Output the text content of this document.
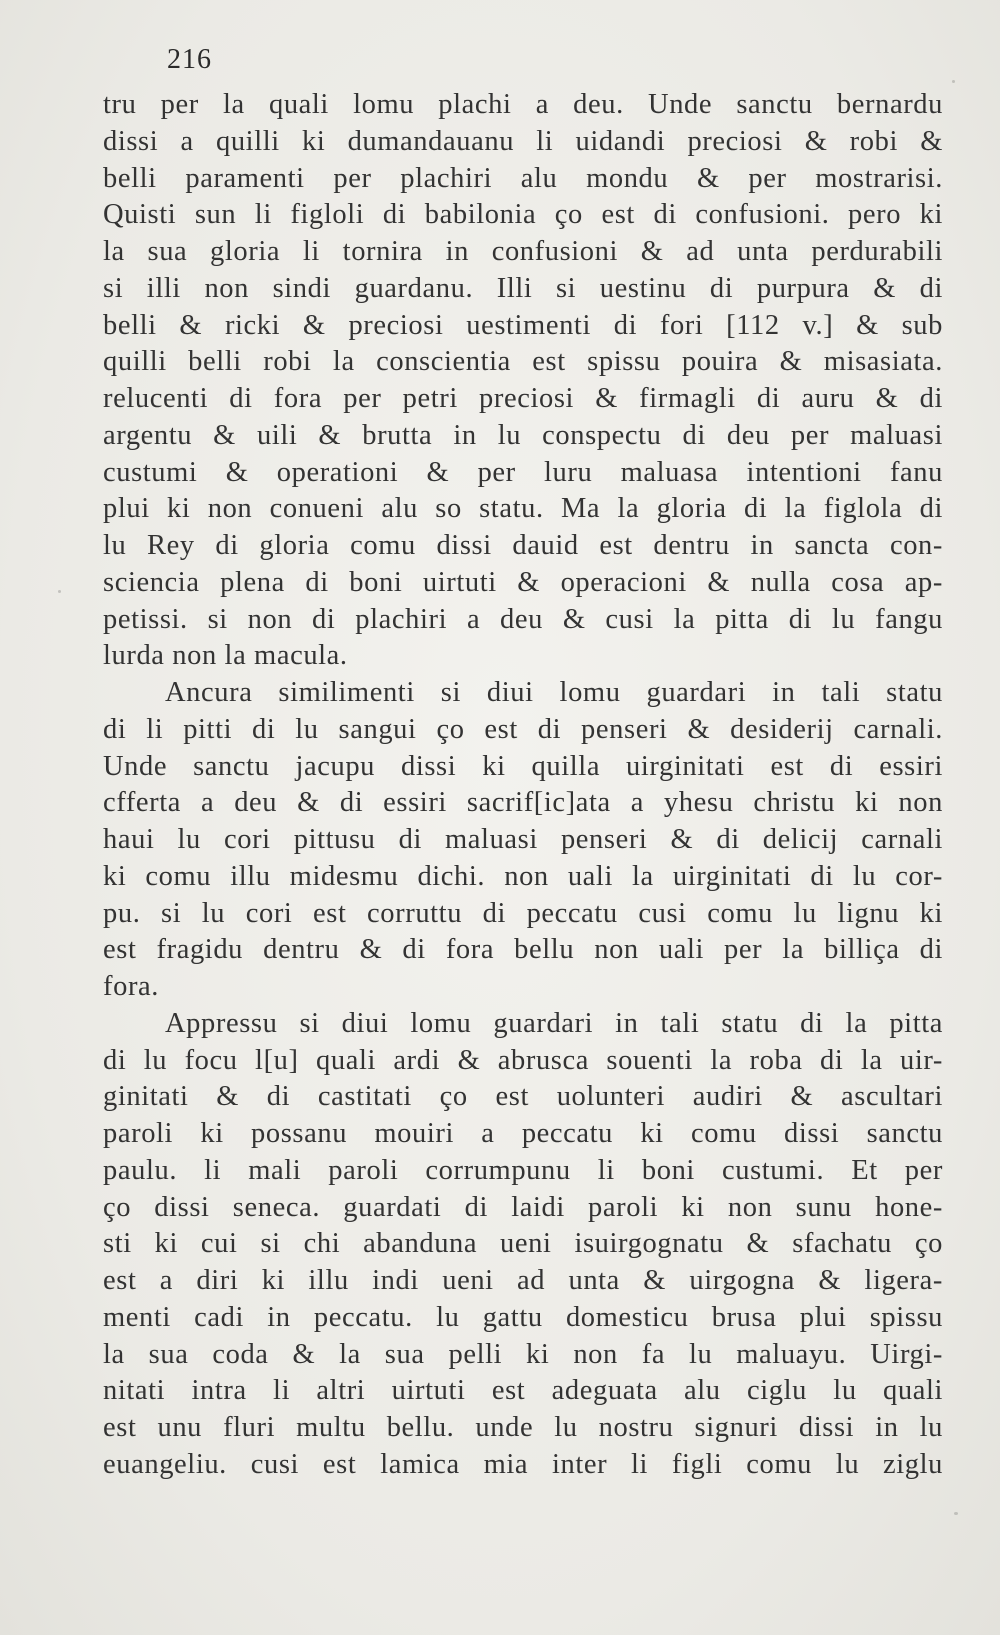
216
tru per la quali lomu plachi a deu. Unde sanctu bernardu
dissi a quilli ki dumandauanu li uidandi preciosi & robi &
belli paramenti per plachiri alu mondu & per mostrarisi.
Quisti sun li figloli di babilonia ço est di confusioni. pero ki
la sua gloria li tornira in confusioni & ad unta perdurabili
si illi non sindi guardanu. Illi si uestinu di purpura & di
belli & ricki & preciosi uestimenti di fori [112 v.] & sub
quilli belli robi la conscientia est spissu pouira & misasiata.
relucenti di fora per petri preciosi & firmagli di auru & di
argentu & uili & brutta in lu conspectu di deu per maluasi
custumi & operationi & per luru maluasa intentioni fanu
plui ki non conueni alu so statu. Ma la gloria di la figlola di
lu Rey di gloria comu dissi dauid est dentru in sancta con-
sciencia plena di boni uirtuti & operacioni & nulla cosa ap-
petissi. si non di plachiri a deu & cusi la pitta di lu fangu
lurda non la macula.
Ancura similimenti si diui lomu guardari in tali statu
di li pitti di lu sangui ço est di penseri & desiderij carnali.
Unde sanctu jacupu dissi ki quilla uirginitati est di essiri
cfferta a deu & di essiri sacrif[ic]ata a yhesu christu ki non
haui lu cori pittusu di maluasi penseri & di delicij carnali
ki comu illu midesmu dichi. non uali la uirginitati di lu cor-
pu. si lu cori est corruttu di peccatu cusi comu lu lignu ki
est fragidu dentru & di fora bellu non uali per la billiça di
fora.
Appressu si diui lomu guardari in tali statu di la pitta
di lu focu l[u] quali ardi & abrusca souenti la roba di la uir-
ginitati & di castitati ço est uolunteri audiri & ascultari
paroli ki possanu mouiri a peccatu ki comu dissi sanctu
paulu. li mali paroli corrumpunu li boni custumi. Et per
ço dissi seneca. guardati di laidi paroli ki non sunu hone-
sti ki cui si chi abanduna ueni isuirgognatu & sfachatu ço
est a diri ki illu indi ueni ad unta & uirgogna & ligera-
menti cadi in peccatu. lu gattu domesticu brusa plui spissu
la sua coda & la sua pelli ki non fa lu maluayu. Uirgi-
nitati intra li altri uirtuti est adeguata alu ciglu lu quali
est unu fluri multu bellu. unde lu nostru signuri dissi in lu
euangeliu. cusi est lamica mia inter li figli comu lu ziglu
